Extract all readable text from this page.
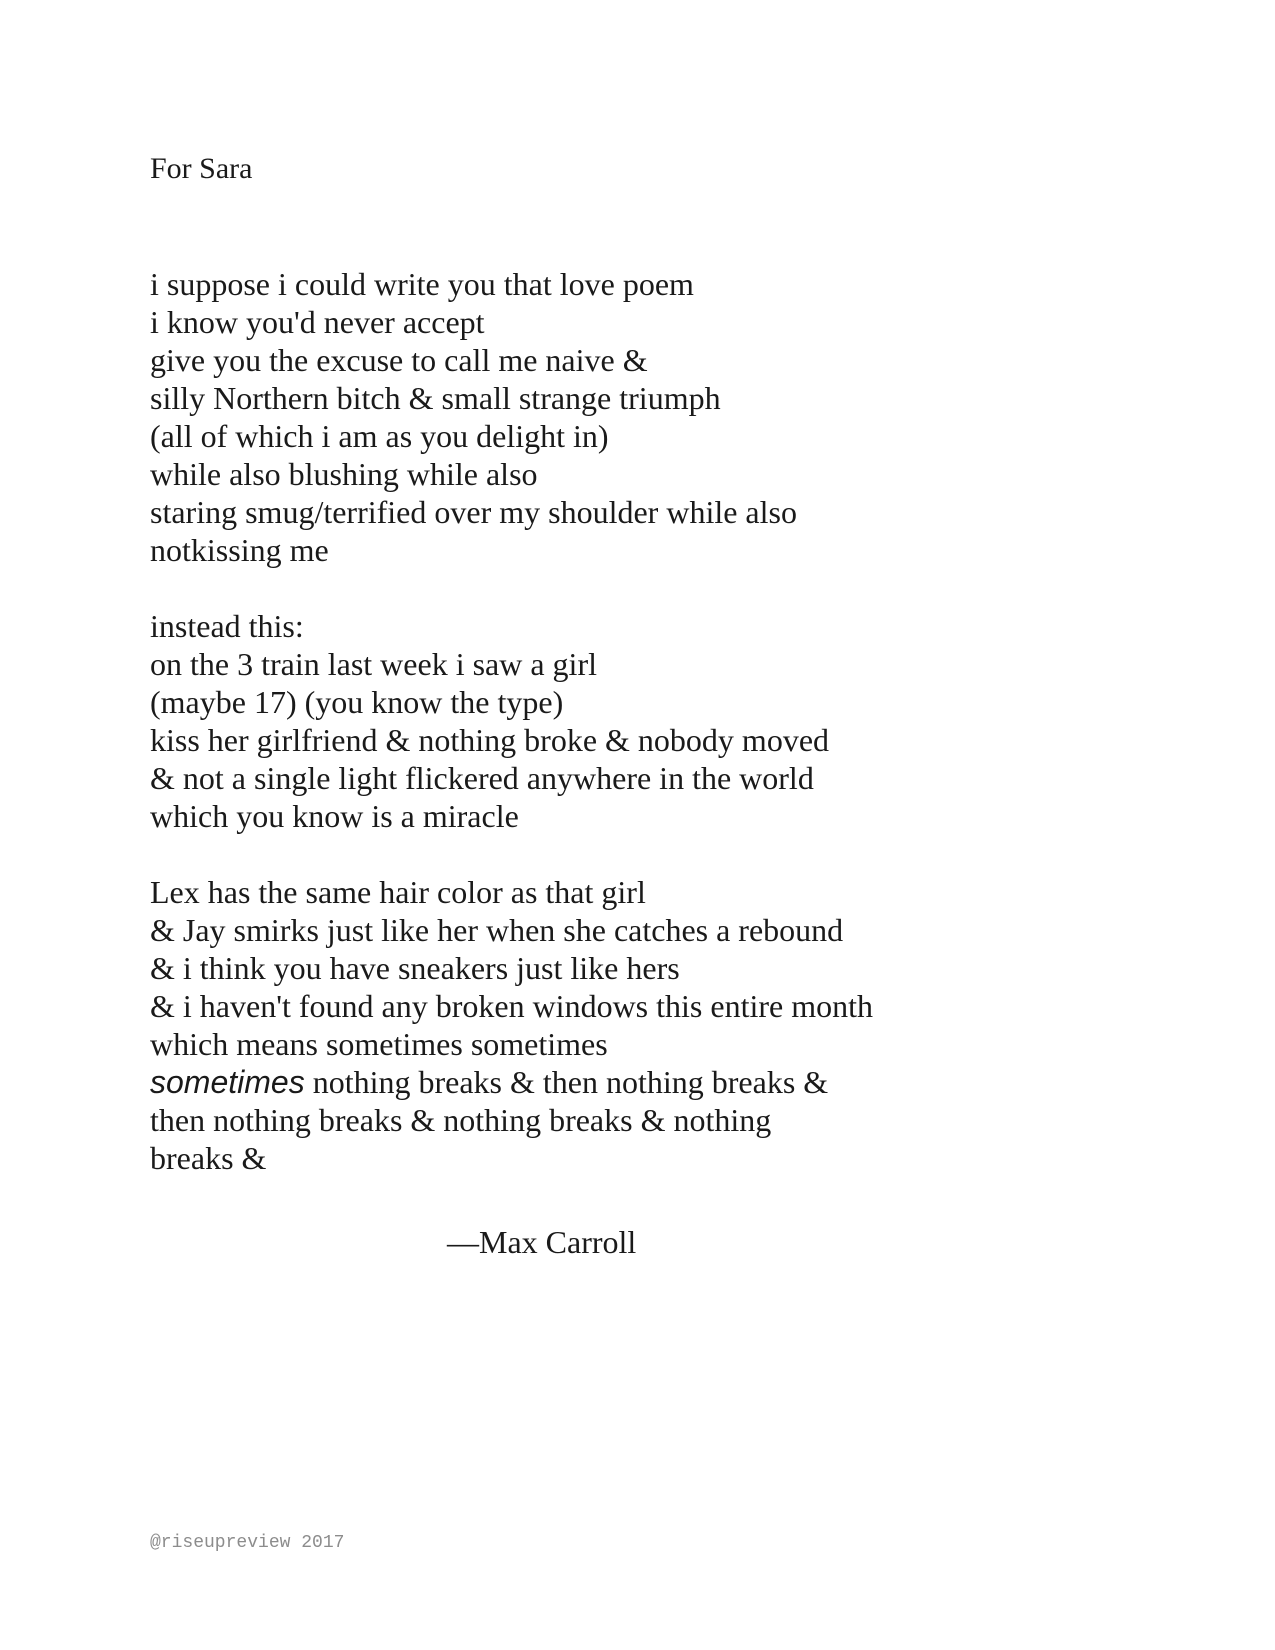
For Sara
i suppose i could write you that love poem
i know you'd never accept
give you the excuse to call me naive &
silly Northern bitch & small strange triumph
(all of which i am as you delight in)
while also blushing while also
staring smug/terrified over my shoulder while also
notkissing me
instead this:
on the 3 train last week i saw a girl
(maybe 17) (you know the type)
kiss her girlfriend & nothing broke & nobody moved
& not a single light flickered anywhere in the world
which you know is a miracle
Lex has the same hair color as that girl
& Jay smirks just like her when she catches a rebound
& i think you have sneakers just like hers
& i haven't found any broken windows this entire month
which means sometimes sometimes
sometimes nothing breaks & then nothing breaks &
then nothing breaks & nothing breaks & nothing
breaks &
—Max Carroll
@riseupreview 2017
